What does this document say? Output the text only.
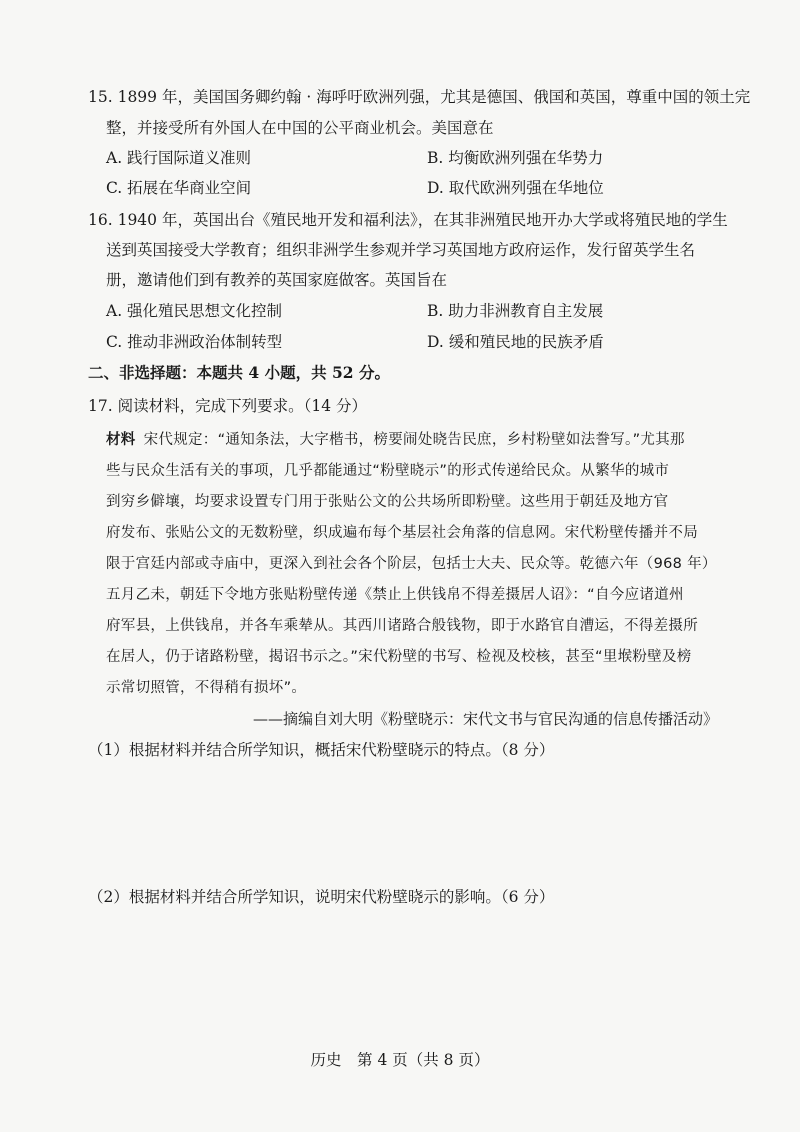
15. 1899 年，美国国务卿约翰 · 海呼吁欧洲列强，尤其是德国、俄国和英国，尊重中国的领土完
整，并接受所有外国人在中国的公平商业机会。美国意在
A. 践行国际道义准则	B. 均衡欧洲列强在华势力
C. 拓展在华商业空间	D. 取代欧洲列强在华地位
16. 1940 年，英国出台《殖民地开发和福利法》，在其非洲殖民地开办大学或将殖民地的学生
送到英国接受大学教育；组织非洲学生参观并学习英国地方政府运作，发行留英学生名
册，邀请他们到有教养的英国家庭做客。英国旨在
A. 强化殖民思想文化控制	B. 助力非洲教育自主发展
C. 推动非洲政治体制转型	D. 缓和殖民地的民族矛盾
二、非选择题：本题共 4 小题，共 52 分。
17. 阅读材料，完成下列要求。（14 分）
材料 宋代规定：“通知条法，大字楷书，榜要闹处晓告民庶，乡村粉壁如法誊写。”尤其那
些与民众生活有关的事项，几乎都能通过“粉壁晓示”的形式传递给民众。从繁华的城市
到穷乡僻壤，均要求设置专门用于张贴公文的公共场所即粉壁。这些用于朝廷及地方官
府发布、张贴公文的无数粉壁，织成遍布每个基层社会角落的信息网。宋代粉壁传播并不局
限于宫廷内部或寺庙中，更深入到社会各个阶层，包括士大夫、民众等。乾德六年（968 年）
五月乙未，朝廷下令地方张贴粉壁传递《禁止上供钱帛不得差摄居人诏》：“自今应诸道州
府军县，上供钱帛，并各车乘辇从。其西川诸路合般钱物，即于水路官自漕运，不得差摄所
在居人，仍于诸路粉壁，揭诏书示之。”宋代粉壁的书写、检视及校核，甚至“里堠粉壁及榜
示常切照管，不得稍有损坏”。
——摘编自刘大明《粉壁晓示：宋代文书与官民沟通的信息传播活动》
（1）根据材料并结合所学知识，概括宋代粉壁晓示的特点。（8 分）
（2）根据材料并结合所学知识，说明宋代粉壁晓示的影响。（6 分）
历史　第 4 页（共 8 页）
